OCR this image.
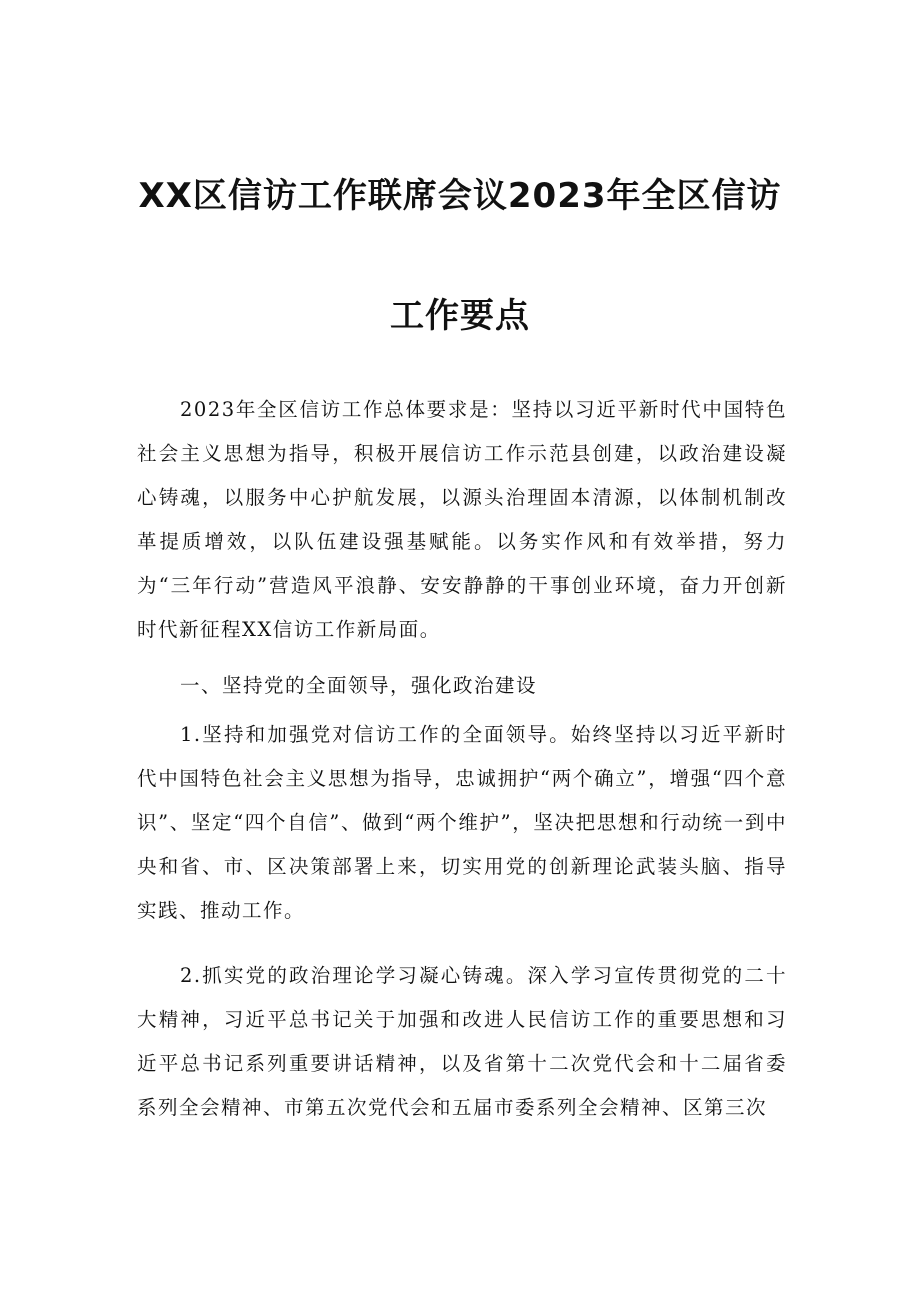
XX区信访工作联席会议2023年全区信访
工作要点

2023年全区信访工作总体要求是：坚持以习近平新时代中国特色社会主义思想为指导，积极开展信访工作示范县创建，以政治建设凝心铸魂，以服务中心护航发展，以源头治理固本清源，以体制机制改革提质增效，以队伍建设强基赋能。以务实作风和有效举措，努力为“三年行动”营造风平浪静、安安静静的干事创业环境，奋力开创新时代新征程XX信访工作新局面。

一、坚持党的全面领导，强化政治建设

1.坚持和加强党对信访工作的全面领导。始终坚持以习近平新时代中国特色社会主义思想为指导，忠诚拥护“两个确立”，增强“四个意识”、坚定“四个自信”、做到“两个维护”，坚决把思想和行动统一到中央和省、市、区决策部署上来，切实用党的创新理论武装头脑、指导实践、推动工作。

2.抓实党的政治理论学习凝心铸魂。深入学习宣传贯彻党的二十大精神，习近平总书记关于加强和改进人民信访工作的重要思想和习近平总书记系列重要讲话精神，以及省第十二次党代会和十二届省委系列全会精神、市第五次党代会和五届市委系列全会精神、区第三次
